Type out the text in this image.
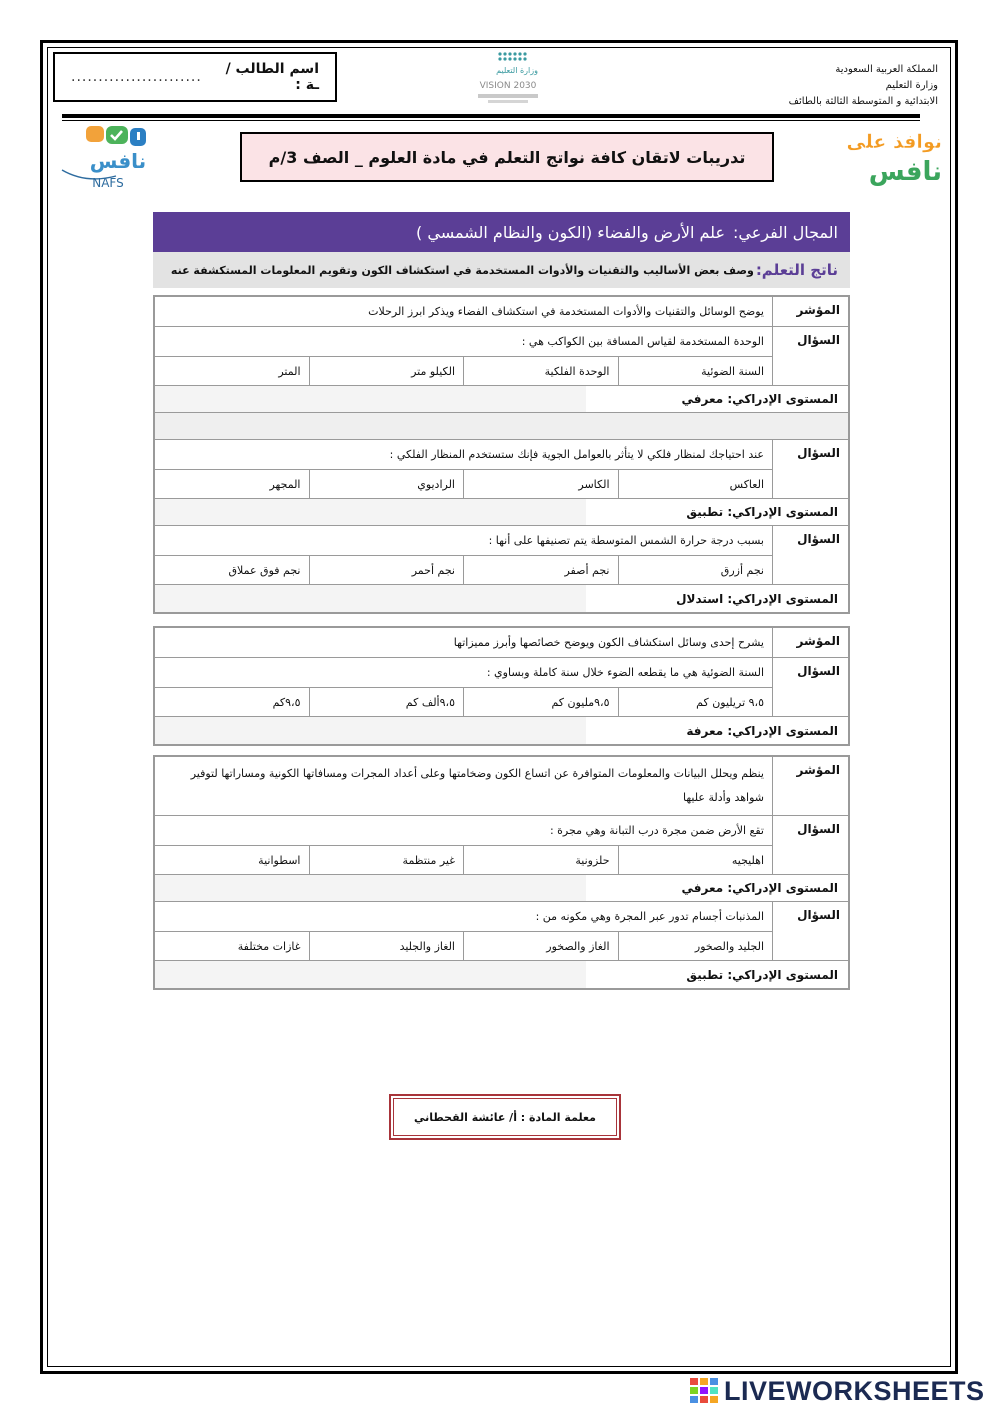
اسم الطالب / ـة :
........................	وزارة التعليم
VISION 2030
المملكة العربية السعودية
وزارة التعليم
الابتدائية و المتوسطة الثالثة بالطائف
نافس
NAFS
نوافذ على
نافس
تدريبات لاتقان كافة نواتج التعلم في مادة العلوم _ الصف 3/م
المجال الفرعي:
علم الأرض والفضاء (الكون والنظام الشمسي )
ناتج التعلم:
وصف بعض الأساليب والتقنيات والأدوات المستخدمة في استكشاف الكون وتقويم المعلومات المستكشفة عنه
المؤشر
يوضح الوسائل والتقنيات والأدوات المستخدمة في استكشاف الفضاء ويذكر ابرز الرحلات
السؤال
الوحدة المستخدمة لقياس المسافة بين الكواكب هي :
السنة الضوئية
الوحدة الفلكية
الكيلو متر
المتر
المستوى الإدراكي: معرفي
السؤال
عند احتياجك لمنظار فلكي لا يتأثر بالعوامل الجوية فإنك ستستخدم المنظار الفلكي :
العاكس
الكاسر
الراديوي
المجهر
المستوى الإدراكي: تطبيق
السؤال
بسبب درجة حرارة الشمس المتوسطة يتم تصنيفها على أنها :
نجم أزرق
نجم أصفر
نجم أحمر
نجم فوق عملاق
المستوى الإدراكي: استدلال
المؤشر
يشرح إحدى وسائل استكشاف الكون ويوضح خصائصها وأبرز مميزاتها
السؤال
السنة الضوئية هي ما يقطعه الضوء خلال سنة كاملة وبساوي :
٩،٥ تريليون كم
٩،٥مليون كم
٩،٥ألف كم
٩،٥كم
المستوى الإدراكي: معرفة
المؤشر
ينظم ويحلل البيانات والمعلومات المتوافرة عن اتساع الكون وضخامتها وعلى أعداد المجرات ومسافاتها الكونية ومساراتها لتوفير شواهد وأدلة عليها
السؤال
تقع الأرض ضمن مجرة درب التبانة وهي مجرة :
اهليجيه
حلزونية
غير منتظمة
اسطوانية
المستوى الإدراكي: معرفي
السؤال
المذنبات أجسام تدور عبر المجرة وهي مكونه من :
الجليد والصخور
الغاز والصخور
الغاز والجليد
غازات مختلفة
المستوى الإدراكي: تطبيق
معلمة المادة : أ/ عائشة القحطاني
LIVEWORKSHEETS
